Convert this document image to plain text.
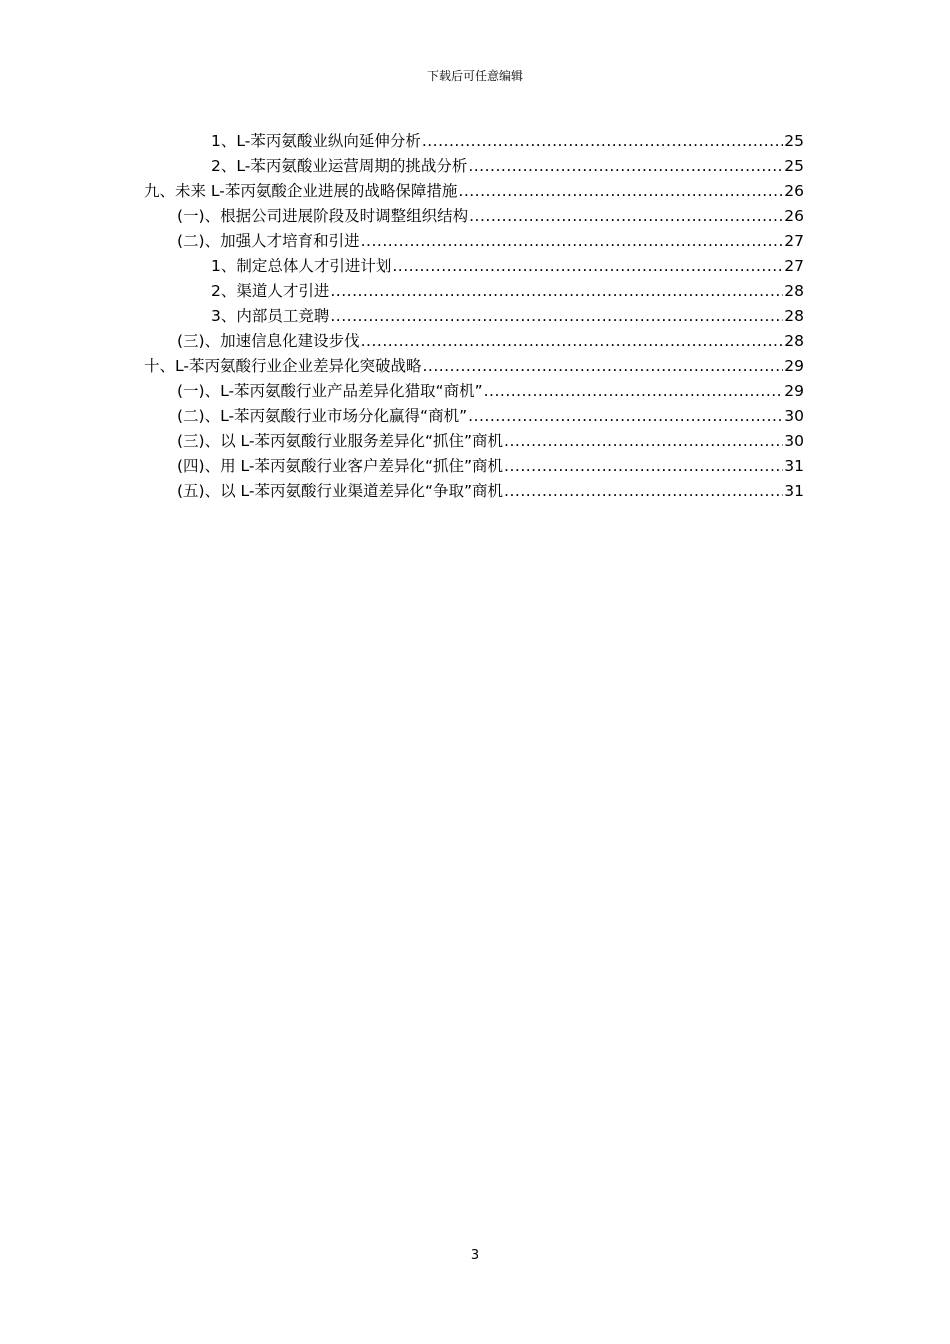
下载后可任意编辑
1、L-苯丙氨酸业纵向延伸分析 .....	25
2、L-苯丙氨酸业运营周期的挑战分析 .....	25
九、未来 L-苯丙氨酸企业进展的战略保障措施 .....	26
(一)、根据公司进展阶段及时调整组织结构 .....	26
(二)、加强人才培育和引进 .....	27
1、制定总体人才引进计划 .....	27
2、渠道人才引进 .....	28
3、内部员工竞聘 .....	28
(三)、加速信息化建设步伐 .....	28
十、L-苯丙氨酸行业企业差异化突破战略 .....	29
(一)、L-苯丙氨酸行业产品差异化猎取“商机” .....	29
(二)、L-苯丙氨酸行业市场分化赢得“商机” .....	30
(三)、以 L-苯丙氨酸行业服务差异化“抓住”商机 .....	30
(四)、用 L-苯丙氨酸行业客户差异化“抓住”商机 .....	31
(五)、以 L-苯丙氨酸行业渠道差异化“争取”商机 .....	31
3
